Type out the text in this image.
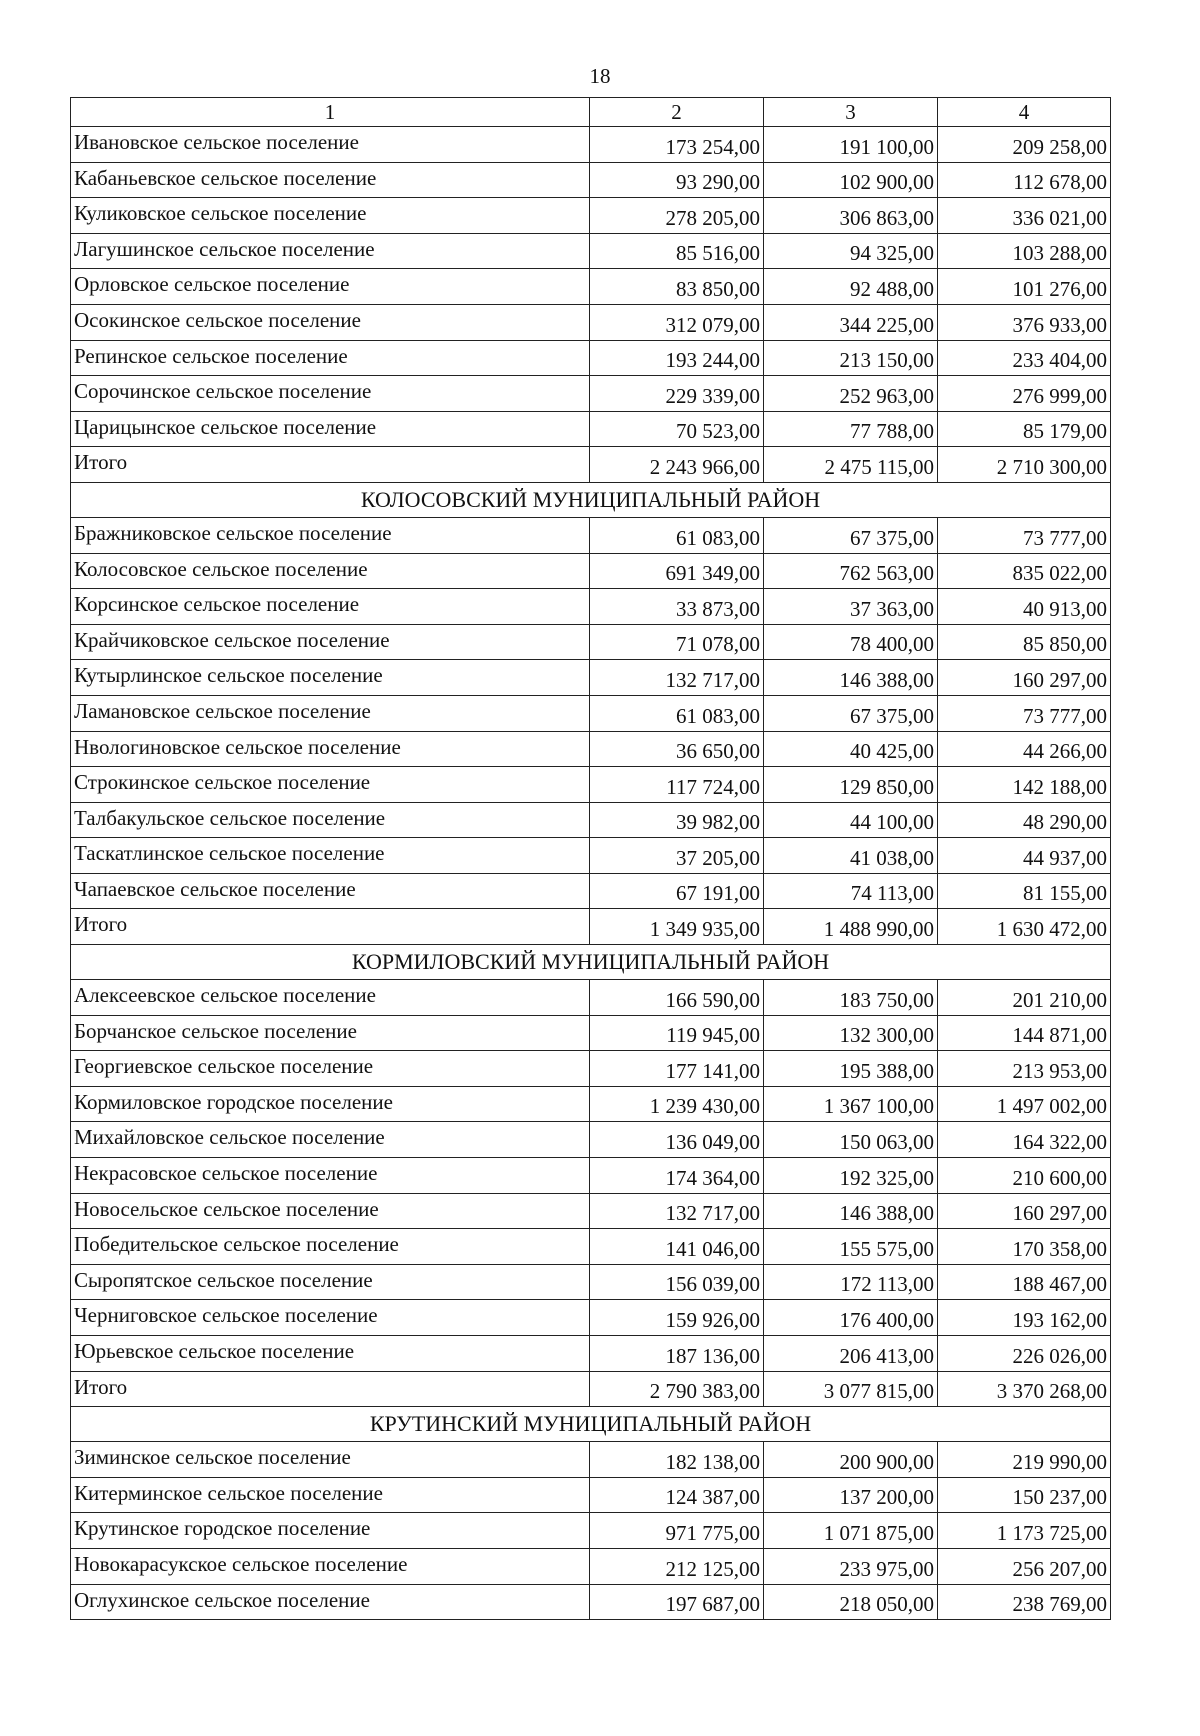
18
1	2	3	4
Ивановское сельское поселение	173 254,00	191 100,00	209 258,00
Кабаньевское сельское поселение	93 290,00	102 900,00	112 678,00
Куликовское сельское поселение	278 205,00	306 863,00	336 021,00
Лагушинское сельское поселение	85 516,00	94 325,00	103 288,00
Орловское сельское поселение	83 850,00	92 488,00	101 276,00
Осокинское сельское поселение	312 079,00	344 225,00	376 933,00
Репинское сельское поселение	193 244,00	213 150,00	233 404,00
Сорочинское сельское поселение	229 339,00	252 963,00	276 999,00
Царицынское сельское поселение	70 523,00	77 788,00	85 179,00
Итого	2 243 966,00	2 475 115,00	2 710 300,00
КОЛОСОВСКИЙ МУНИЦИПАЛЬНЫЙ РАЙОН			
Бражниковское сельское поселение	61 083,00	67 375,00	73 777,00
Колосовское сельское поселение	691 349,00	762 563,00	835 022,00
Корсинское сельское поселение	33 873,00	37 363,00	40 913,00
Крайчиковское сельское поселение	71 078,00	78 400,00	85 850,00
Кутырлинское сельское поселение	132 717,00	146 388,00	160 297,00
Ламановское сельское поселение	61 083,00	67 375,00	73 777,00
Нвологиновское сельское поселение	36 650,00	40 425,00	44 266,00
Строкинское сельское поселение	117 724,00	129 850,00	142 188,00
Талбакульское сельское поселение	39 982,00	44 100,00	48 290,00
Таскатлинское сельское поселение	37 205,00	41 038,00	44 937,00
Чапаевское сельское поселение	67 191,00	74 113,00	81 155,00
Итого	1 349 935,00	1 488 990,00	1 630 472,00
КОРМИЛОВСКИЙ МУНИЦИПАЛЬНЫЙ РАЙОН			
Алексеевское сельское поселение	166 590,00	183 750,00	201 210,00
Борчанское сельское поселение	119 945,00	132 300,00	144 871,00
Георгиевское сельское поселение	177 141,00	195 388,00	213 953,00
Кормиловское городское поселение	1 239 430,00	1 367 100,00	1 497 002,00
Михайловское сельское поселение	136 049,00	150 063,00	164 322,00
Некрасовское сельское поселение	174 364,00	192 325,00	210 600,00
Новосельское сельское поселение	132 717,00	146 388,00	160 297,00
Победительское сельское поселение	141 046,00	155 575,00	170 358,00
Сыропятское сельское поселение	156 039,00	172 113,00	188 467,00
Черниговское сельское поселение	159 926,00	176 400,00	193 162,00
Юрьевское сельское поселение	187 136,00	206 413,00	226 026,00
Итого	2 790 383,00	3 077 815,00	3 370 268,00
КРУТИНСКИЙ МУНИЦИПАЛЬНЫЙ РАЙОН			
Зиминское сельское поселение	182 138,00	200 900,00	219 990,00
Китерминское сельское поселение	124 387,00	137 200,00	150 237,00
Крутинское городское поселение	971 775,00	1 071 875,00	1 173 725,00
Новокарасукское сельское поселение	212 125,00	233 975,00	256 207,00
Оглухинское сельское поселение	197 687,00	218 050,00	238 769,00
